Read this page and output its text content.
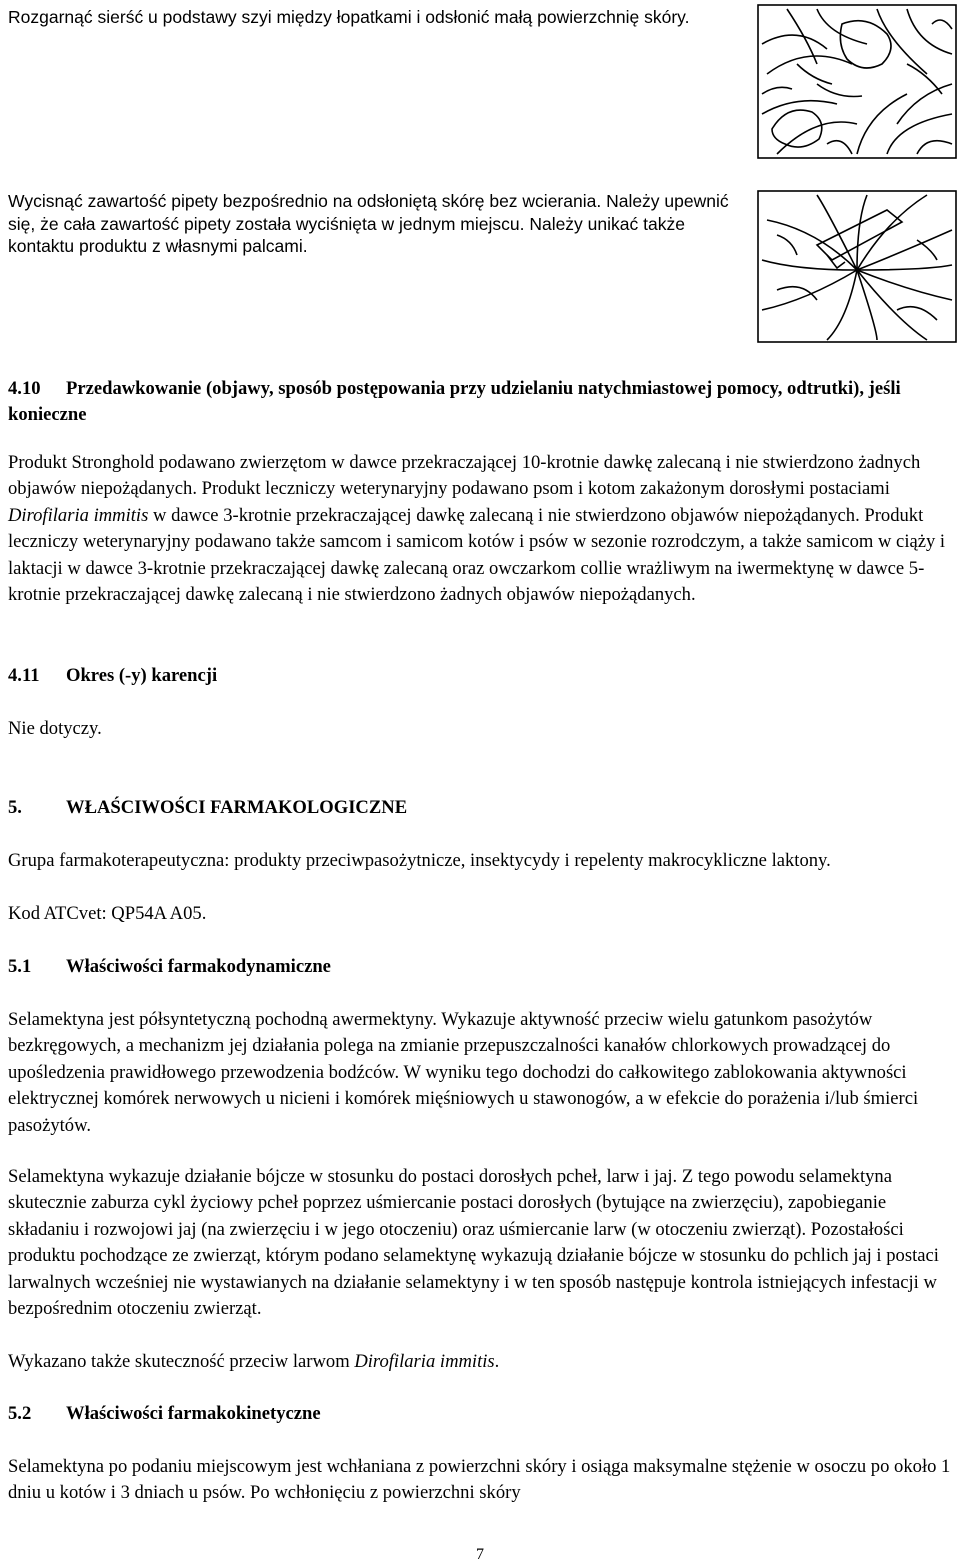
Rozgarnąć sierść u podstawy szyi między łopatkami i odsłonić małą powierzchnię skóry.

Wycisnąć zawartość pipety bezpośrednio na odsłoniętą skórę bez wcierania. Należy upewnić się, że cała zawartość pipety została wyciśnięta w jednym miejscu. Należy unikać także kontaktu produktu z własnymi palcami.

4.10 Przedawkowanie (objawy, sposób postępowania przy udzielaniu natychmiastowej pomocy, odtrutki), jeśli konieczne

Produkt Stronghold podawano zwierzętom w dawce przekraczającej 10-krotnie dawkę zalecaną i nie stwierdzono żadnych objawów niepożądanych. Produkt leczniczy weterynaryjny podawano psom i kotom zakażonym dorosłymi postaciami Dirofilaria immitis w dawce 3-krotnie przekraczającej dawkę zalecaną i nie stwierdzono objawów niepożądanych. Produkt leczniczy weterynaryjny podawano także samcom i samicom kotów i psów w sezonie rozrodczym, a także samicom w ciąży i laktacji w dawce 3-krotnie przekraczającej dawkę zalecaną oraz owczarkom collie wrażliwym na iwermektynę w dawce 5-krotnie przekraczającej dawkę zalecaną i nie stwierdzono żadnych objawów niepożądanych.

4.11 Okres (-y) karencji

Nie dotyczy.

5. WŁAŚCIWOŚCI FARMAKOLOGICZNE

Grupa farmakoterapeutyczna: produkty przeciwpasożytnicze, insektycydy i repelenty makrocykliczne laktony.

Kod ATCvet: QP54A A05.

5.1 Właściwości farmakodynamiczne

Selamektyna jest półsyntetyczną pochodną awermektyny. Wykazuje aktywność przeciw wielu gatunkom pasożytów bezkręgowych, a mechanizm jej działania polega na zmianie przepuszczalności kanałów chlorkowych prowadzącej do upośledzenia prawidłowego przewodzenia bodźców. W wyniku tego dochodzi do całkowitego zablokowania aktywności elektrycznej komórek nerwowych u nicieni i komórek mięśniowych u stawonogów, a w efekcie do porażenia i/lub śmierci pasożytów.

Selamektyna wykazuje działanie bójcze w stosunku do postaci dorosłych pcheł, larw i jaj. Z tego powodu selamektyna skutecznie zaburza cykl życiowy pcheł poprzez uśmiercanie postaci dorosłych (bytujące na zwierzęciu), zapobieganie składaniu i rozwojowi jaj (na zwierzęciu i w jego otoczeniu) oraz uśmiercanie larw (w otoczeniu zwierząt). Pozostałości produktu pochodzące ze zwierząt, którym podano selamektynę wykazują działanie bójcze w stosunku do pchlich jaj i postaci larwalnych wcześniej nie wystawianych na działanie selamektyny i w ten sposób następuje kontrola istniejących infestacji w bezpośrednim otoczeniu zwierząt.

Wykazano także skuteczność przeciw larwom Dirofilaria immitis.

5.2 Właściwości farmakokinetyczne

Selamektyna po podaniu miejscowym jest wchłaniana z powierzchni skóry i osiąga maksymalne stężenie w osoczu po około 1 dniu u kotów i 3 dniach u psów. Po wchłonięciu z powierzchni skóry

7
